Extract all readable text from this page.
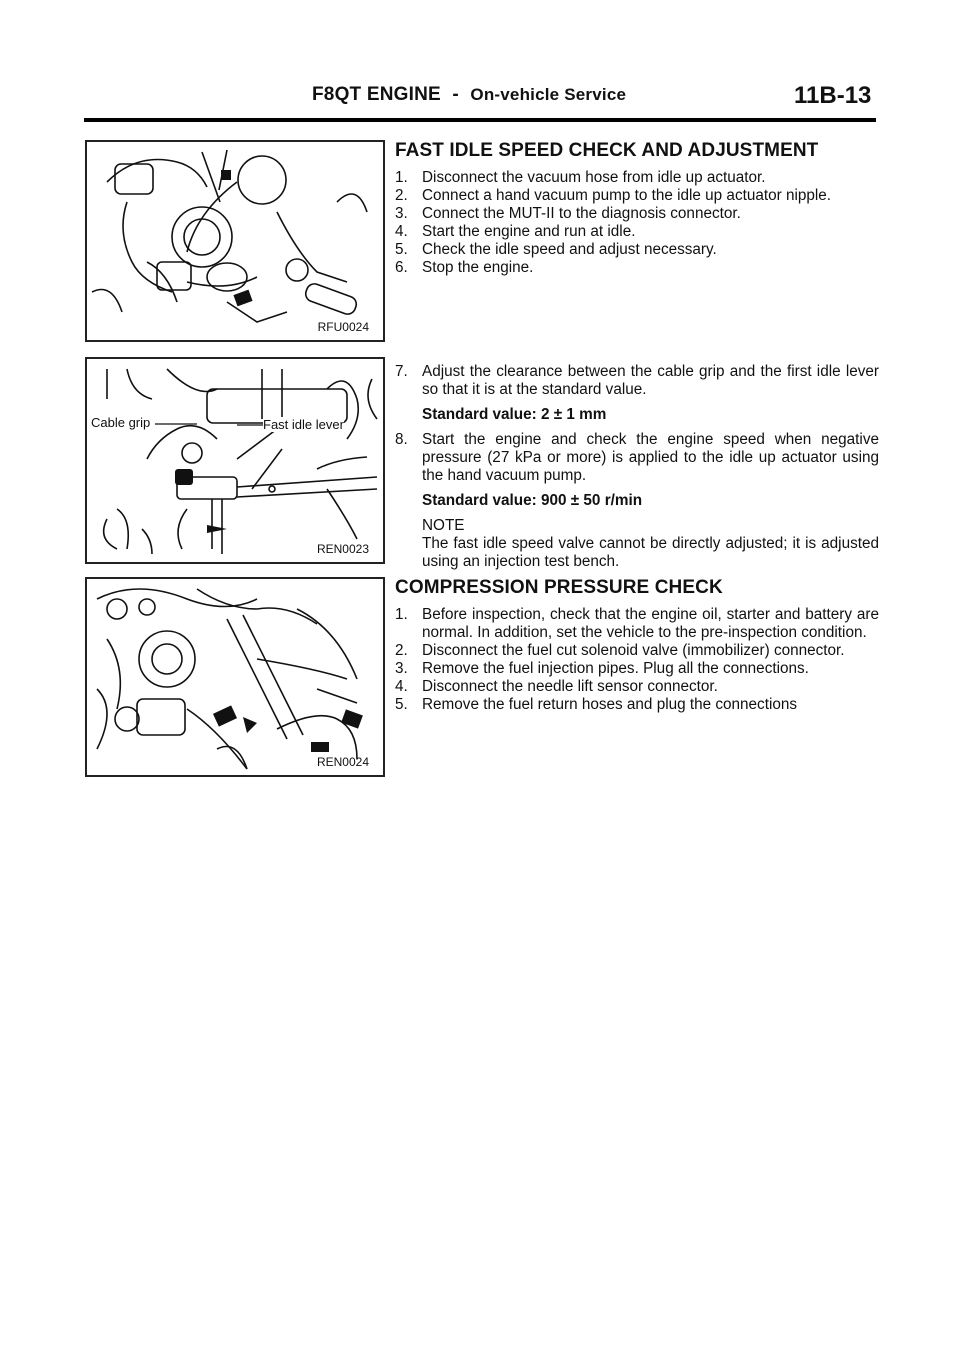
F8QT ENGINE - On-vehicle Service	11B-13
RFU0024
Cable grip	Fast idle lever
REN0023
REN0024
FAST IDLE SPEED CHECK AND ADJUSTMENT
1. Disconnect the vacuum hose from idle up actuator.
2. Connect a hand vacuum pump to the idle up actuator nipple.
3. Connect the MUT-II to the diagnosis connector.
4. Start the engine and run at idle.
5. Check the idle speed and adjust necessary.
6. Stop the engine.
7. Adjust the clearance between the cable grip and the first idle lever so that it is at the standard value.
Standard value: 2 ± 1 mm
8. Start the engine and check the engine speed when negative pressure (27 kPa or more) is applied to the idle up actuator using the hand vacuum pump.
Standard value: 900 ± 50 r/min
NOTE
The fast idle speed valve cannot be directly adjusted; it is adjusted using an injection test bench.
COMPRESSION PRESSURE CHECK
1. Before inspection, check that the engine oil, starter and battery are normal. In addition, set the vehicle to the pre-inspection condition.
2. Disconnect the fuel cut solenoid valve (immobilizer) connector.
3. Remove the fuel injection pipes. Plug all the connections.
4. Disconnect the needle lift sensor connector.
5. Remove the fuel return hoses and plug the connections
